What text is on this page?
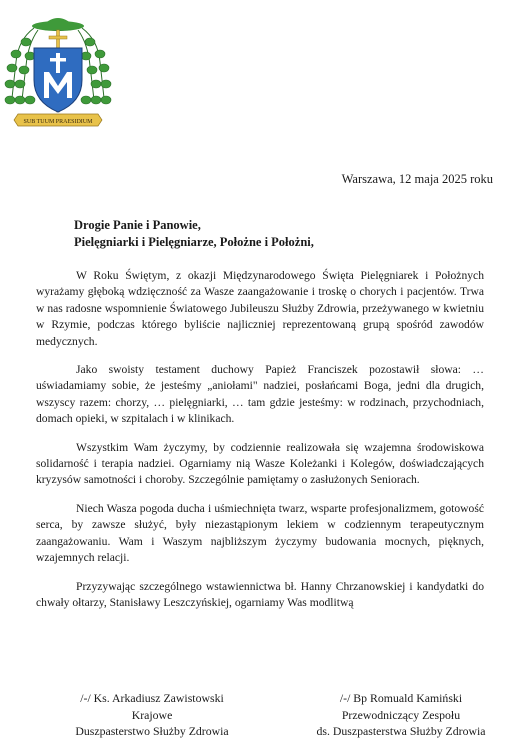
SUB TUUM PRAESIDIUM
Warszawa, 12 maja 2025 roku
Drogie Panie i Panowie,
Pielęgniarki i Pielęgniarze, Położne i Położni,

W Roku Świętym, z okazji Międzynarodowego Święta Pielęgniarek i Położnych wyrażamy głęboką wdzięczność za Wasze zaangażowanie i troskę o chorych i pacjentów. Trwa w nas radosne wspomnienie Światowego Jubileuszu Służby Zdrowia, przeżywanego w kwietniu w Rzymie, podczas którego byliście najliczniej reprezentowaną grupą spośród zawodów medycznych.

Jako swoisty testament duchowy Papież Franciszek pozostawił słowa: … uświadamiamy sobie, że jesteśmy „aniołami" nadziei, posłańcami Boga, jedni dla drugich, wszyscy razem: chorzy, … pielęgniarki, … tam gdzie jesteśmy: w rodzinach, przychodniach, domach opieki, w szpitalach i w klinikach.

Wszystkim Wam życzymy, by codziennie realizowała się wzajemna środowiskowa solidarność i terapia nadziei. Ogarniamy nią Wasze Koleżanki i Kolegów, doświadczających kryzysów samotności i choroby. Szczególnie pamiętamy o zasłużonych Seniorach.

Niech Wasza pogoda ducha i uśmiechnięta twarz, wsparte profesjonalizmem, gotowość serca, by zawsze służyć, były niezastąpionym lekiem w codziennym terapeutycznym zaangażowaniu. Wam i Waszym najbliższym życzymy budowania mocnych, pięknych, wzajemnych relacji.

Przyzywając szczególnego wstawiennictwa bł. Hanny Chrzanowskiej i kandydatki do chwały ołtarzy, Stanisławy Leszczyńskiej, ogarniamy Was modlitwą

/-/ Ks. Arkadiusz Zawistowski
Krajowe
Duszpasterstwo Służby Zdrowia
/-/ Bp Romuald Kamiński
Przewodniczący Zespołu
ds. Duszpasterstwa Służby Zdrowia
